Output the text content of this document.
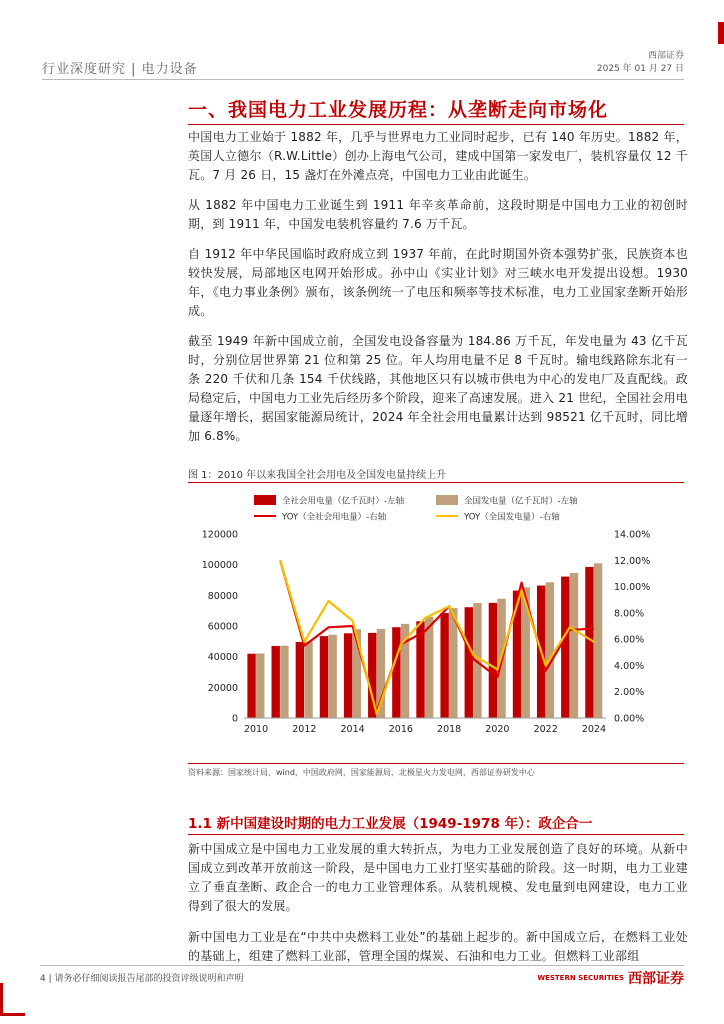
行业深度研究 | 电力设备
西部证券
2025 年 01 月 27 日
一、我国电力工业发展历程：从垄断走向市场化
中国电力工业始于 1882 年，几乎与世界电力工业同时起步，已有 140 年历史。1882 年，英国人立德尔（R.W.Little）创办上海电气公司，建成中国第一家发电厂，装机容量仅 12 千瓦。7 月 26 日，15 盏灯在外滩点亮，中国电力工业由此诞生。
从 1882 年中国电力工业诞生到 1911 年辛亥革命前，这段时期是中国电力工业的初创时期，到 1911 年，中国发电装机容量约 7.6 万千瓦。
自 1912 年中华民国临时政府成立到 1937 年前，在此时期国外资本强势扩张，民族资本也较快发展，局部地区电网开始形成。孙中山《实业计划》对三峡水电开发提出设想。1930 年，《电力事业条例》颁布，该条例统一了电压和频率等技术标准，电力工业国家垄断开始形成。
截至 1949 年新中国成立前，全国发电设备容量为 184.86 万千瓦，年发电量为 43 亿千瓦时，分别位居世界第 21 位和第 25 位。年人均用电量不足 8 千瓦时。输电线路除东北有一条 220 千伏和几条 154 千伏线路，其他地区只有以城市供电为中心的发电厂及直配线。政局稳定后，中国电力工业先后经历多个阶段，迎来了高速发展。进入 21 世纪，全国社会用电量逐年增长，据国家能源局统计，2024 年全社会用电量累计达到 98521 亿千瓦时，同比增加 6.8%。
图 1：2010 年以来我国全社会用电及全国发电量持续上升
全社会用电量（亿千瓦时）-左轴	全国发电量（亿千瓦时）-左轴
YOY（全社会用电量）-右轴	YOY（全国发电量）-右轴
0
20000
40000
60000
80000
100000
120000
0.00%
2.00%
4.00%
6.00%
8.00%
10.00%
12.00%
14.00%
2010	2012	2014	2016	2018	2020	2022	2024
资料来源：国家统计局，wind，中国政府网，国家能源局，北极星火力发电网，西部证券研发中心
1.1 新中国建设时期的电力工业发展（1949-1978 年）：政企合一
新中国成立是中国电力工业发展的重大转折点，为电力工业发展创造了良好的环境。从新中国成立到改革开放前这一阶段，是中国电力工业打坚实基础的阶段。这一时期，电力工业建立了垂直垄断、政企合一的电力工业管理体系。从装机规模、发电量到电网建设，电力工业得到了很大的发展。
新中国电力工业是在“中共中央燃料工业处”的基础上起步的。新中国成立后，在燃料工业处的基础上，组建了燃料工业部，管理全国的煤炭、石油和电力工业。但燃料工业部组
4 | 请务必仔细阅读报告尾部的投资评级说明和声明	WESTERN SECURITIES 西部证券
